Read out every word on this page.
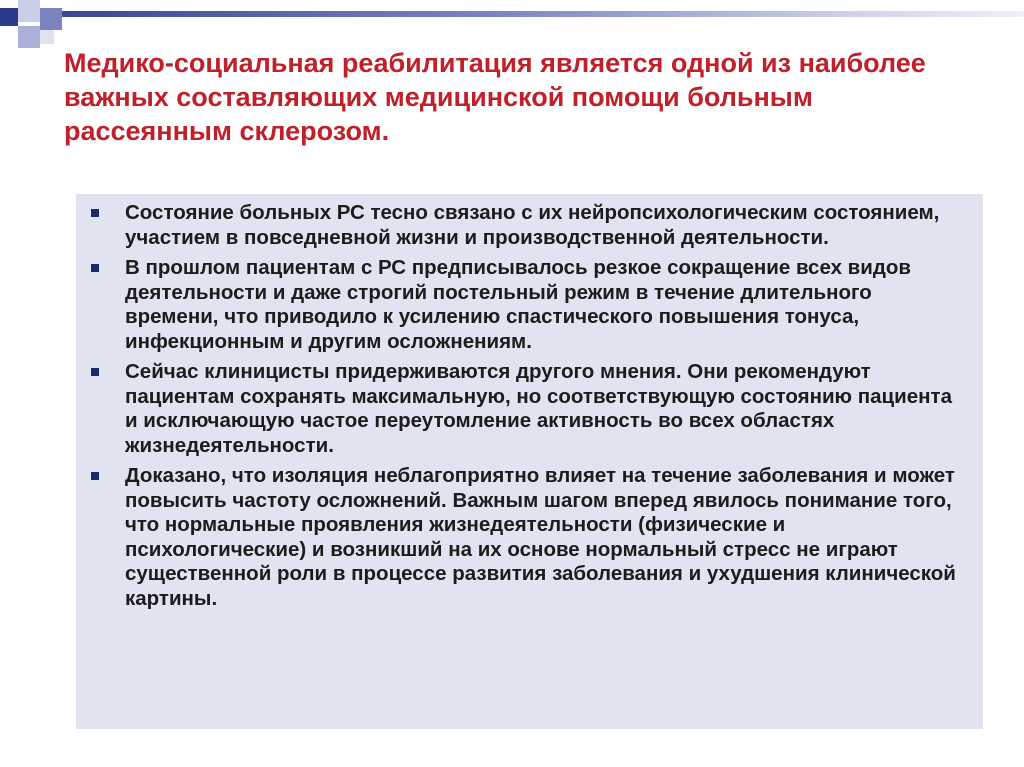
Медико-социальная реабилитация является одной из наиболее важных составляющих медицинской помощи больным рассеянным склерозом.
Состояние больных РС тесно связано с их нейропсихологическим состоянием, участием в повседневной жизни и производственной деятельности.
В прошлом пациентам с РС предписывалось резкое сокращение всех видов деятельности и даже строгий постельный режим в течение длительного времени, что приводило к усилению спастического повышения тонуса, инфекционным и другим осложнениям.
Сейчас клиницисты придерживаются другого мнения. Они рекомендуют пациентам сохранять максимальную, но соответствующую состоянию пациента и исключающую частое переутомление активность во всех областях жизнедеятельности.
Доказано, что изоляция неблагоприятно влияет на течение заболевания и может повысить частоту осложнений. Важным шагом вперед явилось понимание того, что нормальные проявления жизнедеятельности (физические и психологические) и возникший на их основе нормальный стресс не играют существенной роли в процессе развития заболевания и ухудшения клинической картины.
